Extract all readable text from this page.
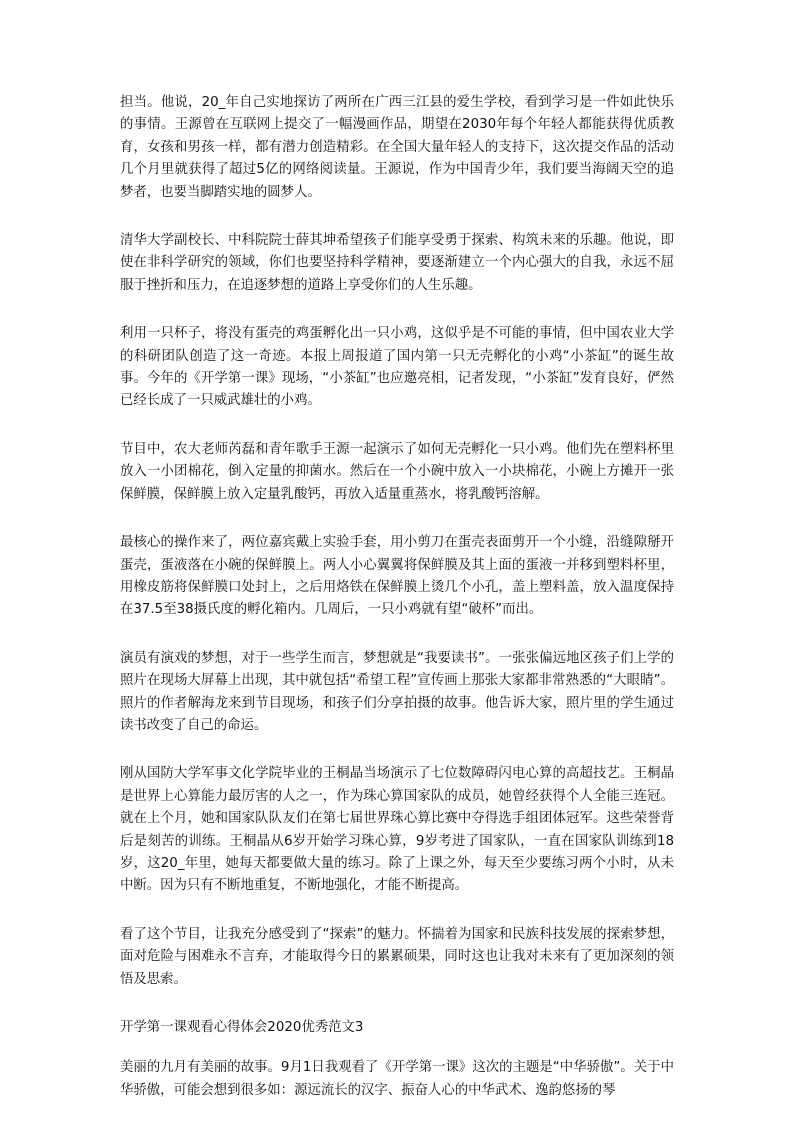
担当。他说，20_年自己实地探访了两所在广西三江县的爱生学校，看到学习是一件如此快乐的事情。王源曾在互联网上提交了一幅漫画作品，期望在2030年每个年轻人都能获得优质教育，女孩和男孩一样，都有潜力创造精彩。在全国大量年轻人的支持下，这次提交作品的活动几个月里就获得了超过5亿的网络阅读量。王源说，作为中国青少年，我们要当海阔天空的追梦者，也要当脚踏实地的圆梦人。

清华大学副校长、中科院院士薛其坤希望孩子们能享受勇于探索、构筑未来的乐趣。他说，即使在非科学研究的领域，你们也要坚持科学精神，要逐渐建立一个内心强大的自我，永远不屈服于挫折和压力，在追逐梦想的道路上享受你们的人生乐趣。

利用一只杯子，将没有蛋壳的鸡蛋孵化出一只小鸡，这似乎是不可能的事情，但中国农业大学的科研团队创造了这一奇迹。本报上周报道了国内第一只无壳孵化的小鸡“小茶缸”的诞生故事。今年的《开学第一课》现场，“小茶缸”也应邀亮相，记者发现，“小茶缸”发育良好，俨然已经长成了一只威武雄壮的小鸡。

节目中，农大老师芮磊和青年歌手王源一起演示了如何无壳孵化一只小鸡。他们先在塑料杯里放入一小团棉花，倒入定量的抑菌水。然后在一个小碗中放入一小块棉花，小碗上方摊开一张保鲜膜，保鲜膜上放入定量乳酸钙，再放入适量重蒸水，将乳酸钙溶解。

最核心的操作来了，两位嘉宾戴上实验手套，用小剪刀在蛋壳表面剪开一个小缝，沿缝隙掰开蛋壳，蛋液落在小碗的保鲜膜上。两人小心翼翼将保鲜膜及其上面的蛋液一并移到塑料杯里，用橡皮筋将保鲜膜口处封上，之后用烙铁在保鲜膜上烫几个小孔，盖上塑料盖，放入温度保持在37.5至38摄氏度的孵化箱内。几周后，一只小鸡就有望“破杯”而出。

演员有演戏的梦想，对于一些学生而言，梦想就是“我要读书”。一张张偏远地区孩子们上学的照片在现场大屏幕上出现，其中就包括“希望工程”宣传画上那张大家都非常熟悉的“大眼睛”。照片的作者解海龙来到节目现场，和孩子们分享拍摄的故事。他告诉大家，照片里的学生通过读书改变了自己的命运。

刚从国防大学军事文化学院毕业的王桐晶当场演示了七位数障碍闪电心算的高超技艺。王桐晶是世界上心算能力最厉害的人之一，作为珠心算国家队的成员，她曾经获得个人全能三连冠。就在上个月，她和国家队队友们在第七届世界珠心算比赛中夺得选手组团体冠军。这些荣誉背后是刻苦的训练。王桐晶从6岁开始学习珠心算，9岁考进了国家队，一直在国家队训练到18岁，这20_年里，她每天都要做大量的练习。除了上课之外，每天至少要练习两个小时，从未中断。因为只有不断地重复，不断地强化，才能不断提高。

看了这个节目，让我充分感受到了“探索”的魅力。怀揣着为国家和民族科技发展的探索梦想，面对危险与困难永不言弃，才能取得今日的累累硕果，同时这也让我对未来有了更加深刻的领悟及思索。

开学第一课观看心得体会2020优秀范文3

美丽的九月有美丽的故事。9月1日我观看了《开学第一课》这次的主题是“中华骄傲”。关于中华骄傲，可能会想到很多如：源远流长的汉字、振奋人心的中华武术、逸韵悠扬的琴
